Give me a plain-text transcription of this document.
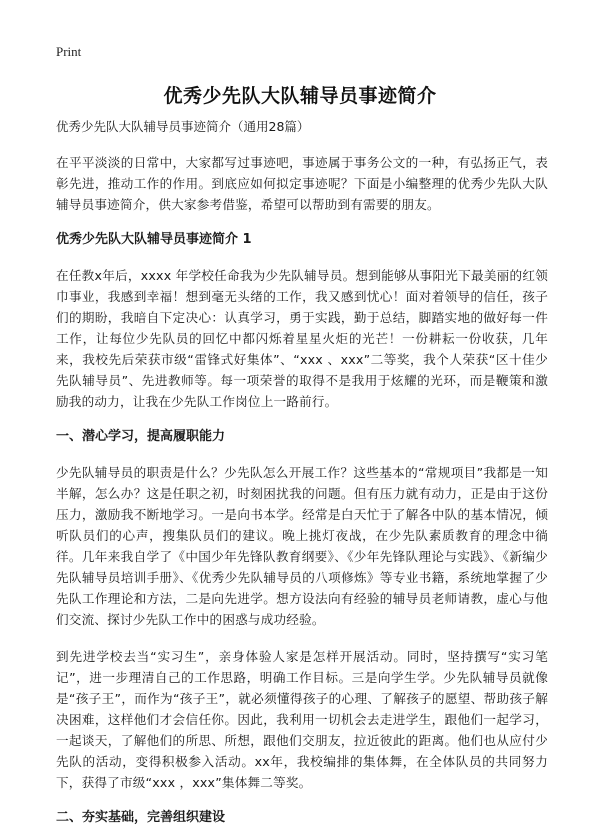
Print
优秀少先队大队辅导员事迹简介
优秀少先队大队辅导员事迹简介（通用28篇）

在平平淡淡的日常中，大家都写过事迹吧，事迹属于事务公文的一种，有弘扬正气，表彰先进，推动工作的作用。到底应如何拟定事迹呢？下面是小编整理的优秀少先队大队辅导员事迹简介，供大家参考借鉴，希望可以帮助到有需要的朋友。

优秀少先队大队辅导员事迹简介 1

在任教x年后，xxxx 年学校任命我为少先队辅导员。想到能够从事阳光下最美丽的红领巾事业，我感到幸福！想到毫无头绪的工作，我又感到忧心！面对着领导的信任，孩子们的期盼，我暗自下定决心：认真学习，勇于实践，勤于总结，脚踏实地的做好每一件工作，让每位少先队员的回忆中都闪烁着星星火炬的光芒！一份耕耘一份收获，几年来，我校先后荣获市级“雷锋式好集体”、“xxx 、xxx”二等奖，我个人荣获“区十佳少先队辅导员”、先进教师等。每一项荣誉的取得不是我用于炫耀的光环，而是鞭策和激励我的动力，让我在少先队工作岗位上一路前行。

一、潜心学习，提高履职能力

少先队辅导员的职责是什么？少先队怎么开展工作？这些基本的“常规项目”我都是一知半解，怎么办？这是任职之初，时刻困扰我的问题。但有压力就有动力，正是由于这份压力，激励我不断地学习。一是向书本学。经常是白天忙于了解各中队的基本情况，倾听队员们的心声，搜集队员们的建议。晚上挑灯夜战，在少先队素质教育的理念中徜徉。几年来我自学了《中国少年先锋队教育纲要》、《少年先锋队理论与实践》、《新编少先队辅导员培训手册》、《优秀少先队辅导员的八项修炼》等专业书籍，系统地掌握了少先队工作理论和方法，二是向先进学。想方设法向有经验的辅导员老师请教，虚心与他们交流、探讨少先队工作中的困惑与成功经验。

到先进学校去当“实习生”，亲身体验人家是怎样开展活动。同时，坚持撰写“实习笔记”，进一步理清自己的工作思路，明确工作目标。三是向学生学。少先队辅导员就像是“孩子王”，而作为“孩子王”，就必须懂得孩子的心理、了解孩子的愿望、帮助孩子解决困难，这样他们才会信任你。因此，我利用一切机会去走进学生，跟他们一起学习，一起谈天，了解他们的所思、所想，跟他们交朋友，拉近彼此的距离。他们也从应付少先队的活动，变得积极参入活动。xx年，我校编排的集体舞，在全体队员的共同努力下，获得了市级“xxx ，xxx”集体舞二等奖。

二、夯实基础，完善组织建设
